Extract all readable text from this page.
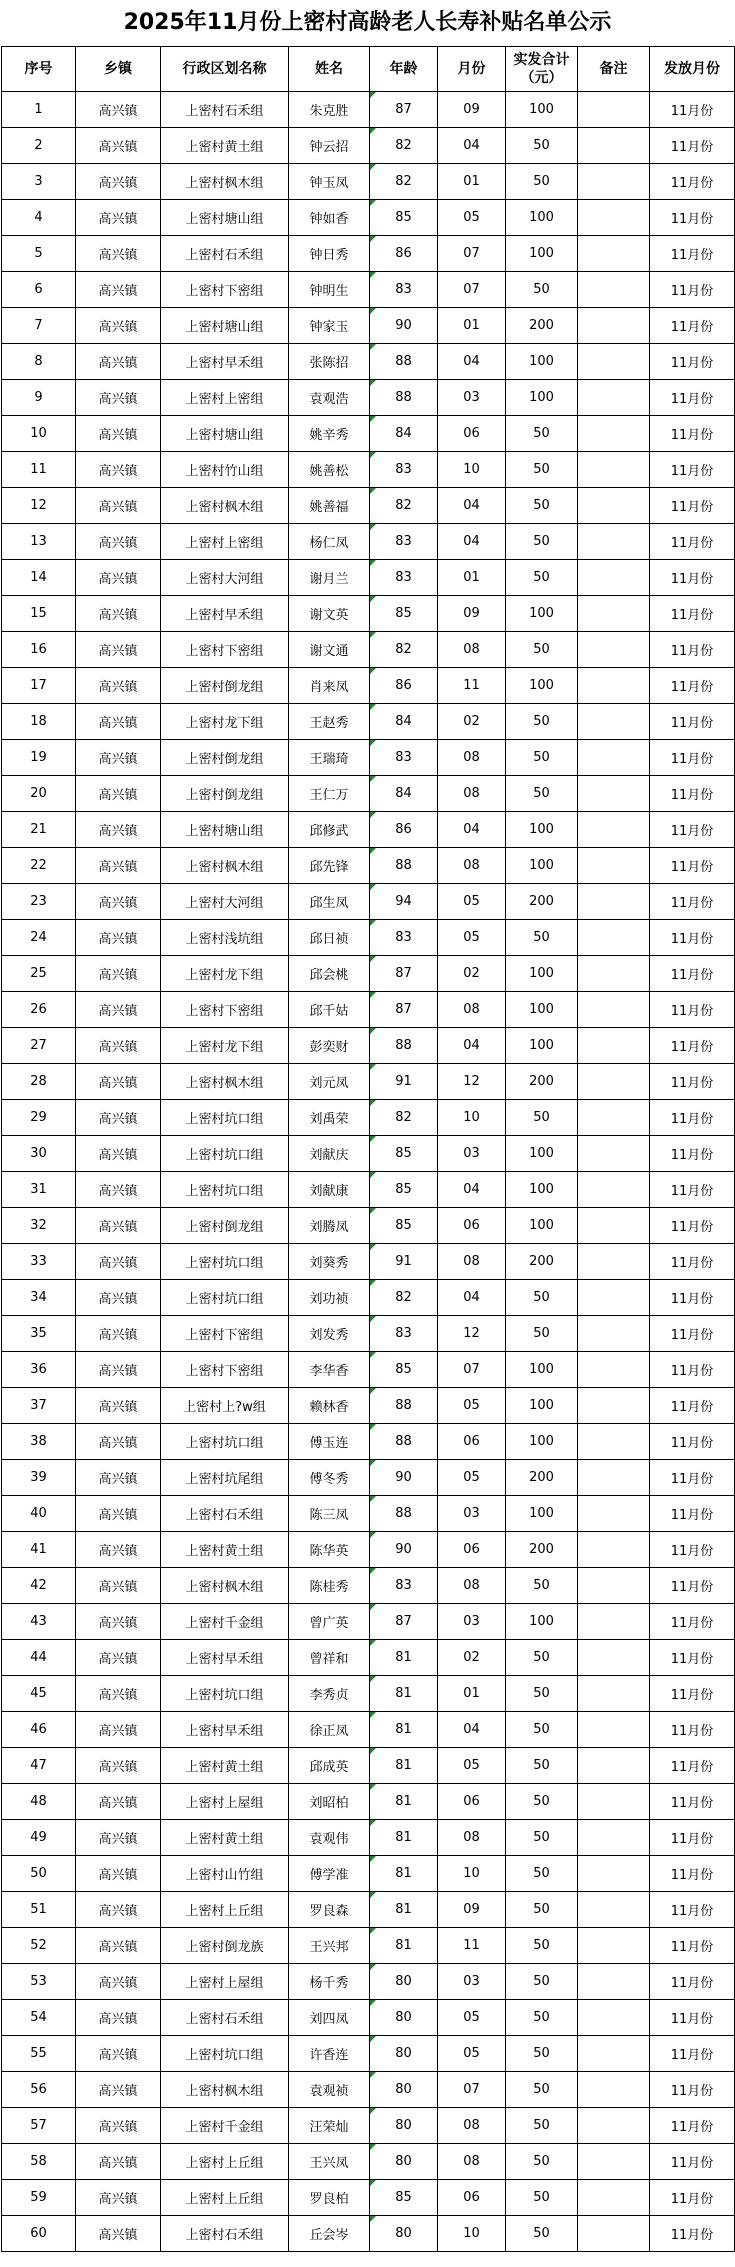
2025年11月份上密村高龄老人长寿补贴名单公示
序号	乡镇	行政区划名称	姓名	年龄	月份	实发合计（元）	备注	发放月份
1	高兴镇	上密村石禾组	朱克胜	87	09	100		11月份
2	高兴镇	上密村黄土组	钟云招	82	04	50		11月份
3	高兴镇	上密村枫木组	钟玉凤	82	01	50		11月份
4	高兴镇	上密村塘山组	钟如香	85	05	100		11月份
5	高兴镇	上密村石禾组	钟日秀	86	07	100		11月份
6	高兴镇	上密村下密组	钟明生	83	07	50		11月份
7	高兴镇	上密村塘山组	钟家玉	90	01	200		11月份
8	高兴镇	上密村早禾组	张陈招	88	04	100		11月份
9	高兴镇	上密村上密组	袁观浩	88	03	100		11月份
10	高兴镇	上密村塘山组	姚辛秀	84	06	50		11月份
11	高兴镇	上密村竹山组	姚善松	83	10	50		11月份
12	高兴镇	上密村枫木组	姚善福	82	04	50		11月份
13	高兴镇	上密村上密组	杨仁凤	83	04	50		11月份
14	高兴镇	上密村大河组	谢月兰	83	01	50		11月份
15	高兴镇	上密村早禾组	谢文英	85	09	100		11月份
16	高兴镇	上密村下密组	谢文通	82	08	50		11月份
17	高兴镇	上密村倒龙组	肖来凤	86	11	100		11月份
18	高兴镇	上密村龙下组	王赵秀	84	02	50		11月份
19	高兴镇	上密村倒龙组	王瑞琦	83	08	50		11月份
20	高兴镇	上密村倒龙组	王仁万	84	08	50		11月份
21	高兴镇	上密村塘山组	邱修武	86	04	100		11月份
22	高兴镇	上密村枫木组	邱先锋	88	08	100		11月份
23	高兴镇	上密村大河组	邱生凤	94	05	200		11月份
24	高兴镇	上密村浅坑组	邱日祯	83	05	50		11月份
25	高兴镇	上密村龙下组	邱会桃	87	02	100		11月份
26	高兴镇	上密村下密组	邱千姑	87	08	100		11月份
27	高兴镇	上密村龙下组	彭奕财	88	04	100		11月份
28	高兴镇	上密村枫木组	刘元凤	91	12	200		11月份
29	高兴镇	上密村坑口组	刘禹荣	82	10	50		11月份
30	高兴镇	上密村坑口组	刘献庆	85	03	100		11月份
31	高兴镇	上密村坑口组	刘献康	85	04	100		11月份
32	高兴镇	上密村倒龙组	刘腾凤	85	06	100		11月份
33	高兴镇	上密村坑口组	刘葵秀	91	08	200		11月份
34	高兴镇	上密村坑口组	刘功祯	82	04	50		11月份
35	高兴镇	上密村下密组	刘发秀	83	12	50		11月份
36	高兴镇	上密村下密组	李华香	85	07	100		11月份
37	高兴镇	上密村上?w组	赖林香	88	05	100		11月份
38	高兴镇	上密村坑口组	傅玉连	88	06	100		11月份
39	高兴镇	上密村坑尾组	傅冬秀	90	05	200		11月份
40	高兴镇	上密村石禾组	陈三凤	88	03	100		11月份
41	高兴镇	上密村黄土组	陈华英	90	06	200		11月份
42	高兴镇	上密村枫木组	陈桂秀	83	08	50		11月份
43	高兴镇	上密村千金组	曾广英	87	03	100		11月份
44	高兴镇	上密村早禾组	曾祥和	81	02	50		11月份
45	高兴镇	上密村坑口组	李秀贞	81	01	50		11月份
46	高兴镇	上密村早禾组	徐正凤	81	04	50		11月份
47	高兴镇	上密村黄土组	邱成英	81	05	50		11月份
48	高兴镇	上密村上屋组	刘昭柏	81	06	50		11月份
49	高兴镇	上密村黄土组	袁观伟	81	08	50		11月份
50	高兴镇	上密村山竹组	傅学准	81	10	50		11月份
51	高兴镇	上密村上丘组	罗良森	81	09	50		11月份
52	高兴镇	上密村倒龙族	王兴邦	81	11	50		11月份
53	高兴镇	上密村上屋组	杨千秀	80	03	50		11月份
54	高兴镇	上密村石禾组	刘四凤	80	05	50		11月份
55	高兴镇	上密村坑口组	许香连	80	05	50		11月份
56	高兴镇	上密村枫木组	袁观祯	80	07	50		11月份
57	高兴镇	上密村千金组	汪荣灿	80	08	50		11月份
58	高兴镇	上密村上丘组	王兴凤	80	08	50		11月份
59	高兴镇	上密村上丘组	罗良柏	85	06	50		11月份
60	高兴镇	上密村石禾组	丘会岑	80	10	50		11月份
